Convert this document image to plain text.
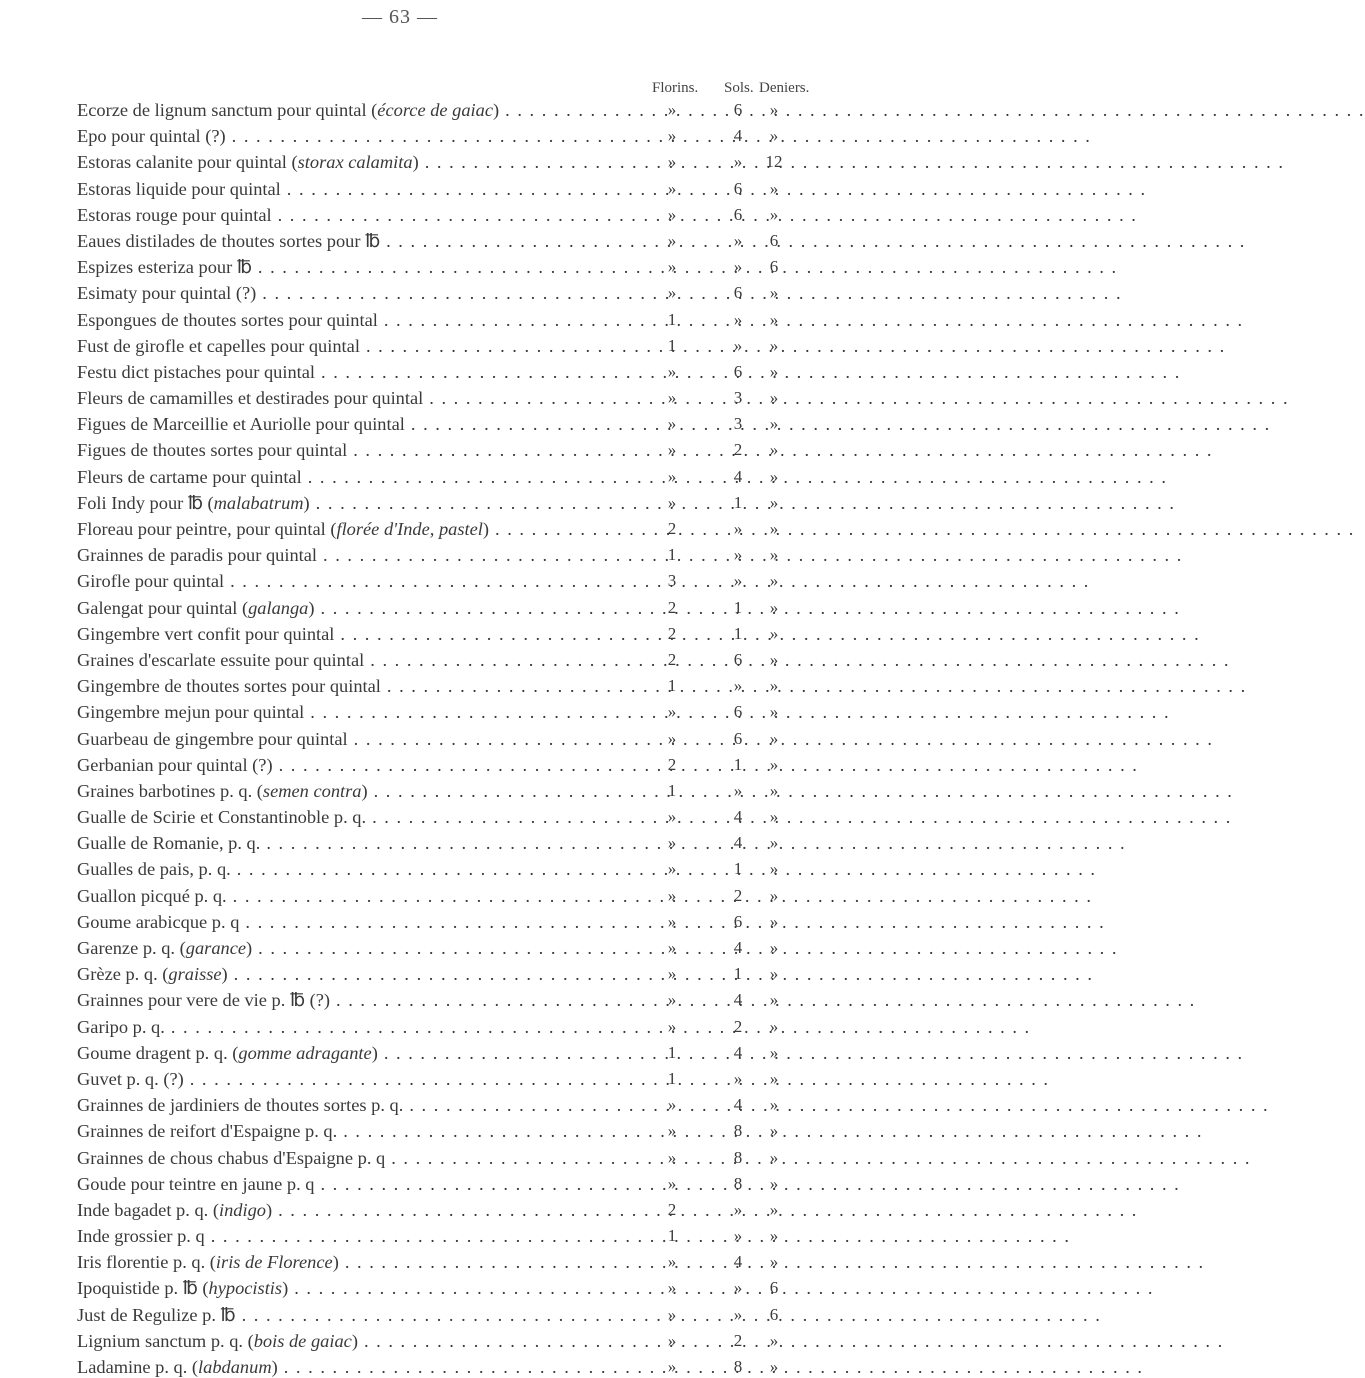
— 63 —
Florins. Sols. Deniers.
Ecorze de lignum sanctum pour quintal (écorce de gaiac) . . .	»	6	»
Epo pour quintal (?) . . .	»	4	»
Estoras calanite pour quintal (storax calamita) . . .	»	»	12
Estoras liquide pour quintal . . .	»	6	»
Estoras rouge pour quintal . . .	»	6	»
Eaues distilades de thoutes sortes pour ℔ . . .	»	»	6
Espizes esteriza pour ℔ . . .	»	»	6
Esimaty pour quintal (?) . . .	»	6	»
Espongues de thoutes sortes pour quintal . . .	1	»	»
Fust de girofle et capelles pour quintal . . .	1	»	»
Festu dict pistaches pour quintal . . .	»	6	»
Fleurs de camamilles et destirades pour quintal . . .	»	3	»
Figues de Marceillie et Auriolle pour quintal . . .	»	3	»
Figues de thoutes sortes pour quintal . . .	»	2	»
Fleurs de cartame pour quintal . . .	»	4	»
Foli Indy pour ℔ (malabatrum) . . .	»	1	»
Floreau pour peintre, pour quintal (florée d'Inde, pastel) . . .	2	»	»
Grainnes de paradis pour quintal . . .	1	»	»
Girofle pour quintal . . .	3	»	»
Galengat pour quintal (galanga) . . .	2	1	»
Gingembre vert confit pour quintal . . .	2	1	»
Graines d'escarlate essuite pour quintal . . .	2	6	»
Gingembre de thoutes sortes pour quintal . . .	1	»	»
Gingembre mejun pour quintal . . .	»	6	»
Guarbeau de gingembre pour quintal . . .	»	6	»
Gerbanian pour quintal (?) . . .	2	1	»
Graines barbotines p. q. (semen contra) . . .	1	»	»
Gualle de Scirie et Constantinoble p. q. . . .	»	4	»
Gualle de Romanie, p. q. . . .	»	4	»
Gualles de pais, p. q. . . .	»	1	»
Guallon picqué p. q. . . .	»	2	»
Goume arabicque p. q . . .	»	6	»
Garenze p. q. (garance) . . .	»	4	»
Grèze p. q. (graisse) . . .	»	1	»
Grainnes pour vere de vie p. ℔ (?) . . .	»	4	»
Garipo p. q. . . .	»	2	»
Goume dragent p. q. (gomme adragante) . . .	1	4	»
Guvet p. q. (?) . . .	1	»	»
Grainnes de jardiniers de thoutes sortes p. q. . . .	»	4	»
Grainnes de reifort d'Espaigne p. q. . . .	»	8	»
Grainnes de chous chabus d'Espaigne p. q . . .	»	8	»
Goude pour teintre en jaune p. q . . .	»	8	»
Inde bagadet p. q. (indigo) . . .	2	»	»
Inde grossier p. q . . .	1	»	»
Iris florentie p. q. (iris de Florence) . . .	»	4	»
Ipoquistide p. ℔ (hypocistis) . . .	»	»	6
Just de Regulize p. ℔ . . .	»	»	6
Lignium sanctum p. q. (bois de gaiac) . . .	»	2	»
Ladamine p. q. (labdanum) . . .	»	8	»
